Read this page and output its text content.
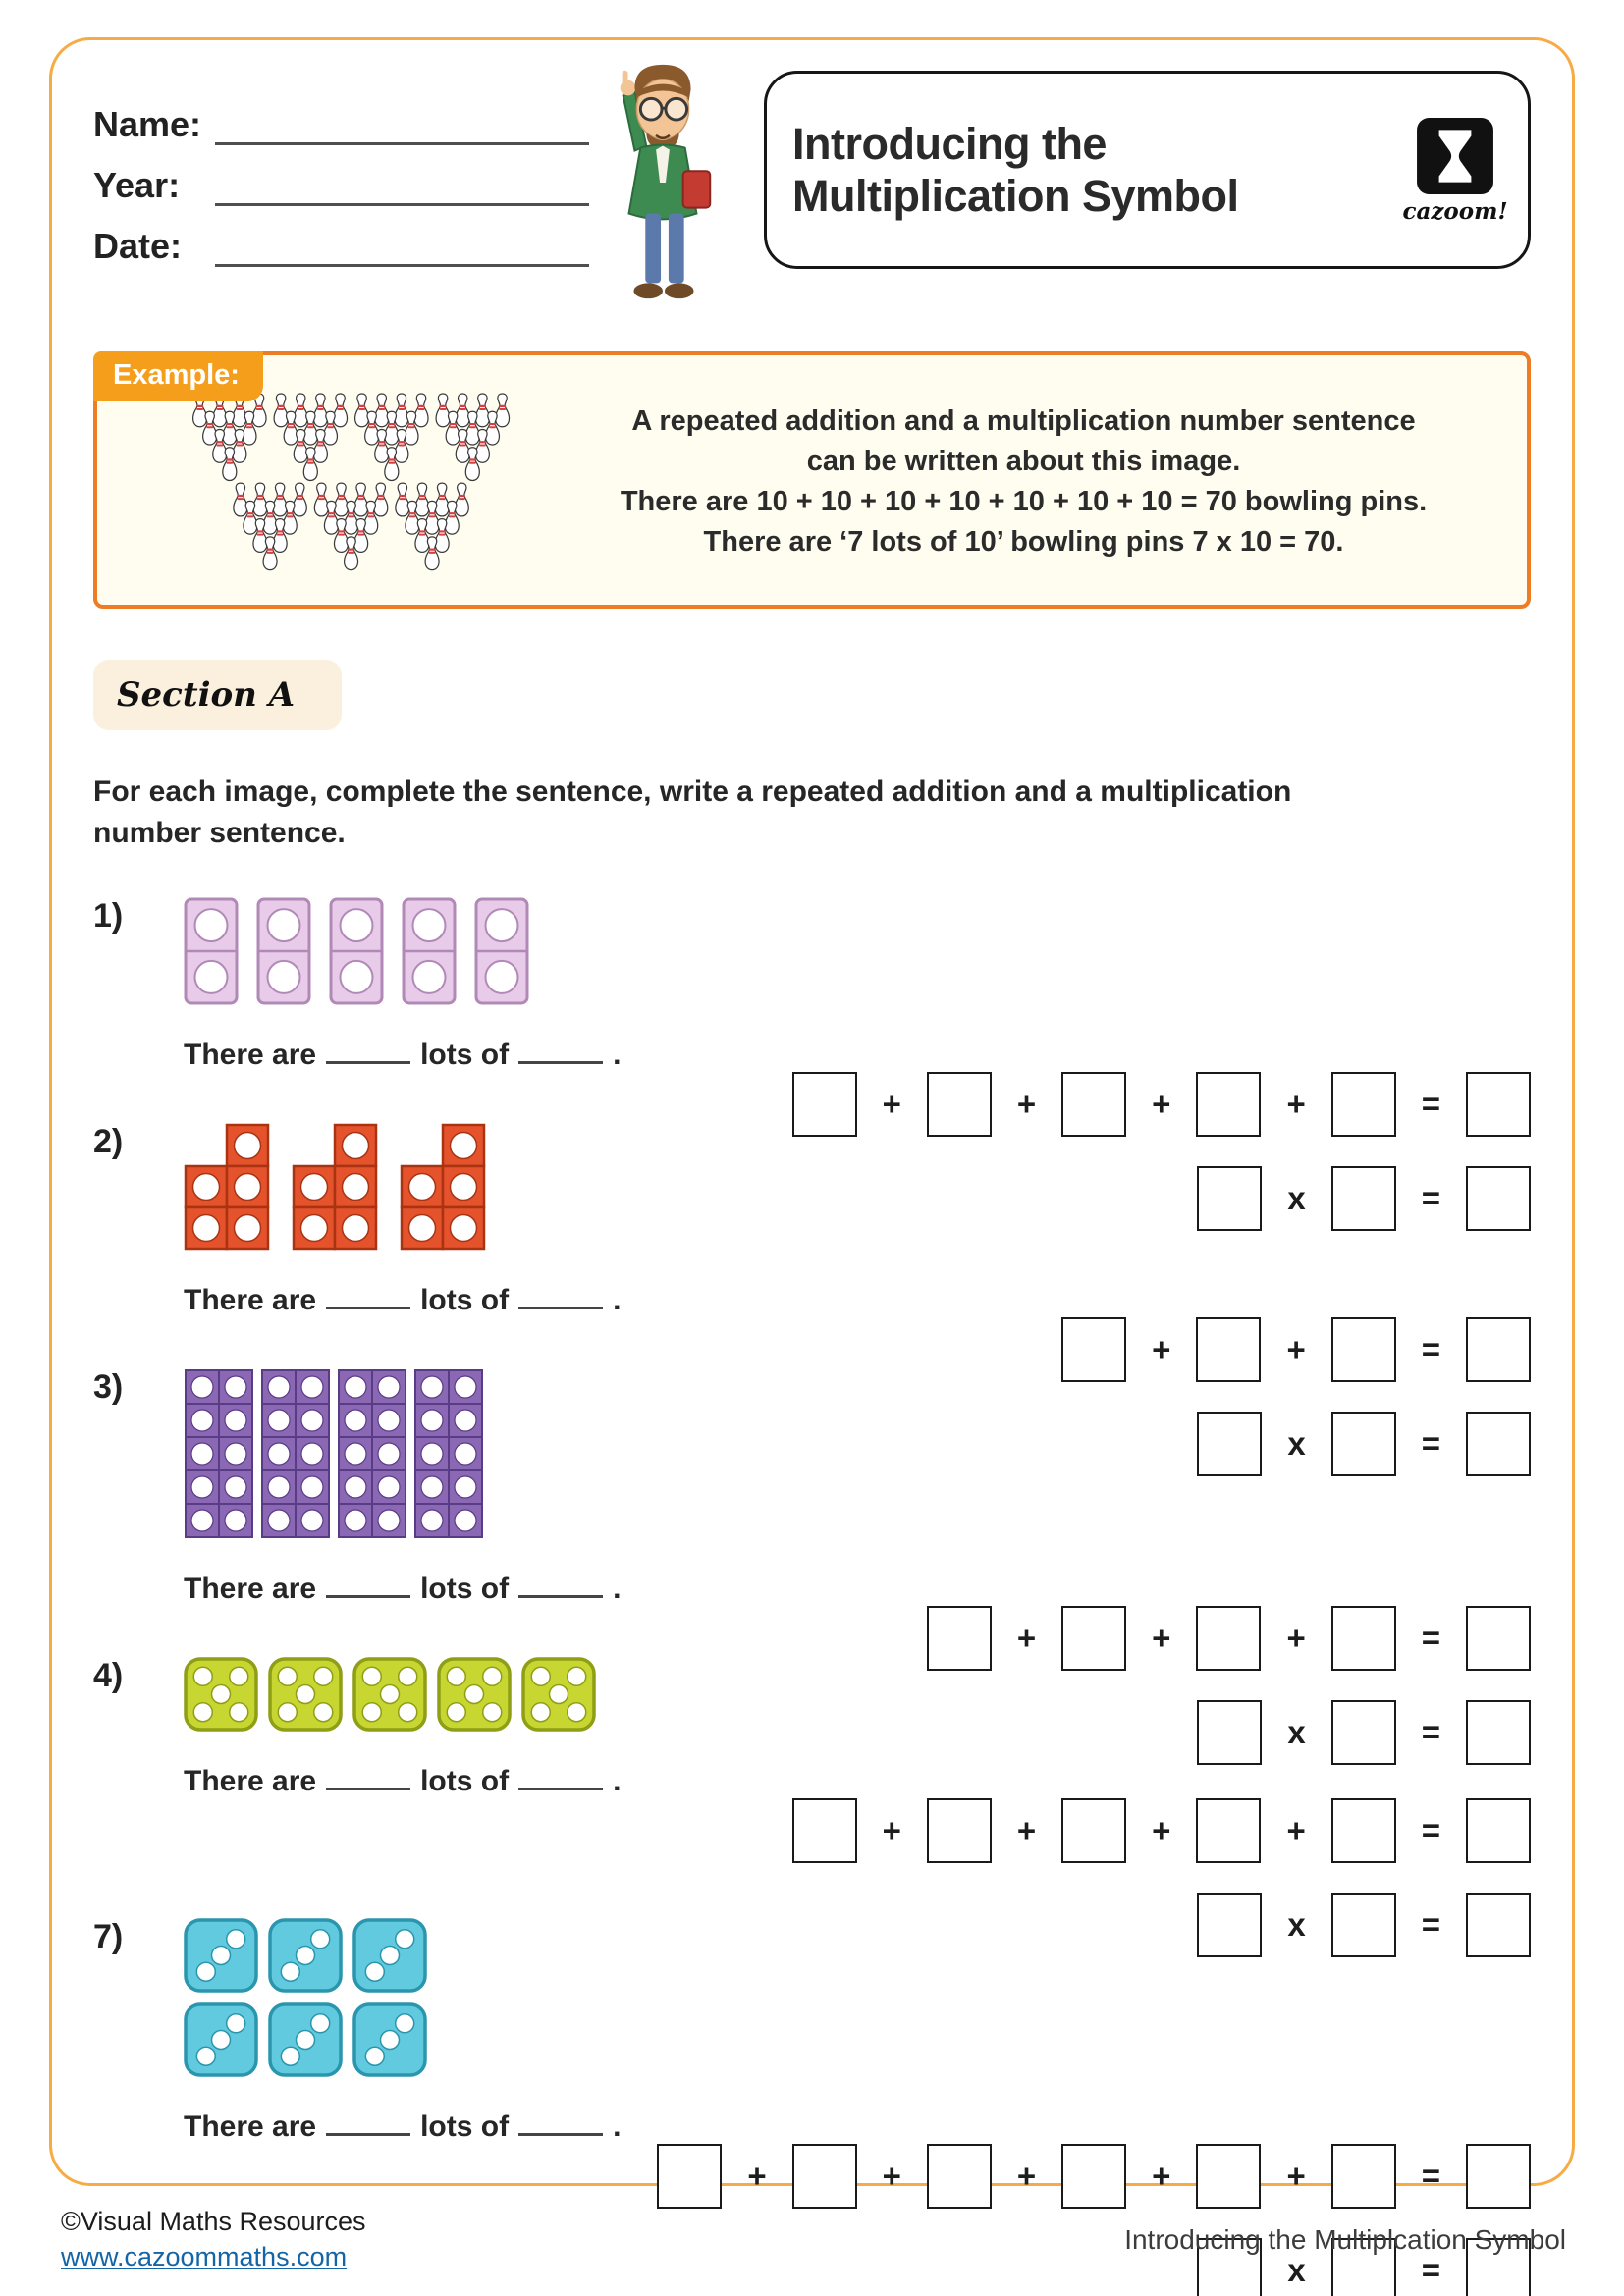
Name:
Year:
Date:
Introducing the
Multiplication Symbol	cazoom!
Example:
A repeated addition and a multiplication number sentence
can be written about this image.
There are 10 + 10 + 10 + 10 + 10 + 10 + 10 = 70 bowling pins.
There are ‘7 lots of 10’ bowling pins 7 x 10 = 70.
Section A
For each image, complete the sentence, write a repeated addition and a multiplication
number sentence.
1)
There are	lots of	.
+	+	+	+	=
x	=
2)
There are	lots of	.
+	+	=
x	=
3)
There are	lots of	.
+	+	+	=
x	=
4)
There are	lots of	.
+	+	+	+	=
x	=
7)
There are	lots of	.
+	+	+	+	+	=
x	=
©Visual Maths Resources
www.cazoommaths.com
Introducing the Multiplcation Symbol
